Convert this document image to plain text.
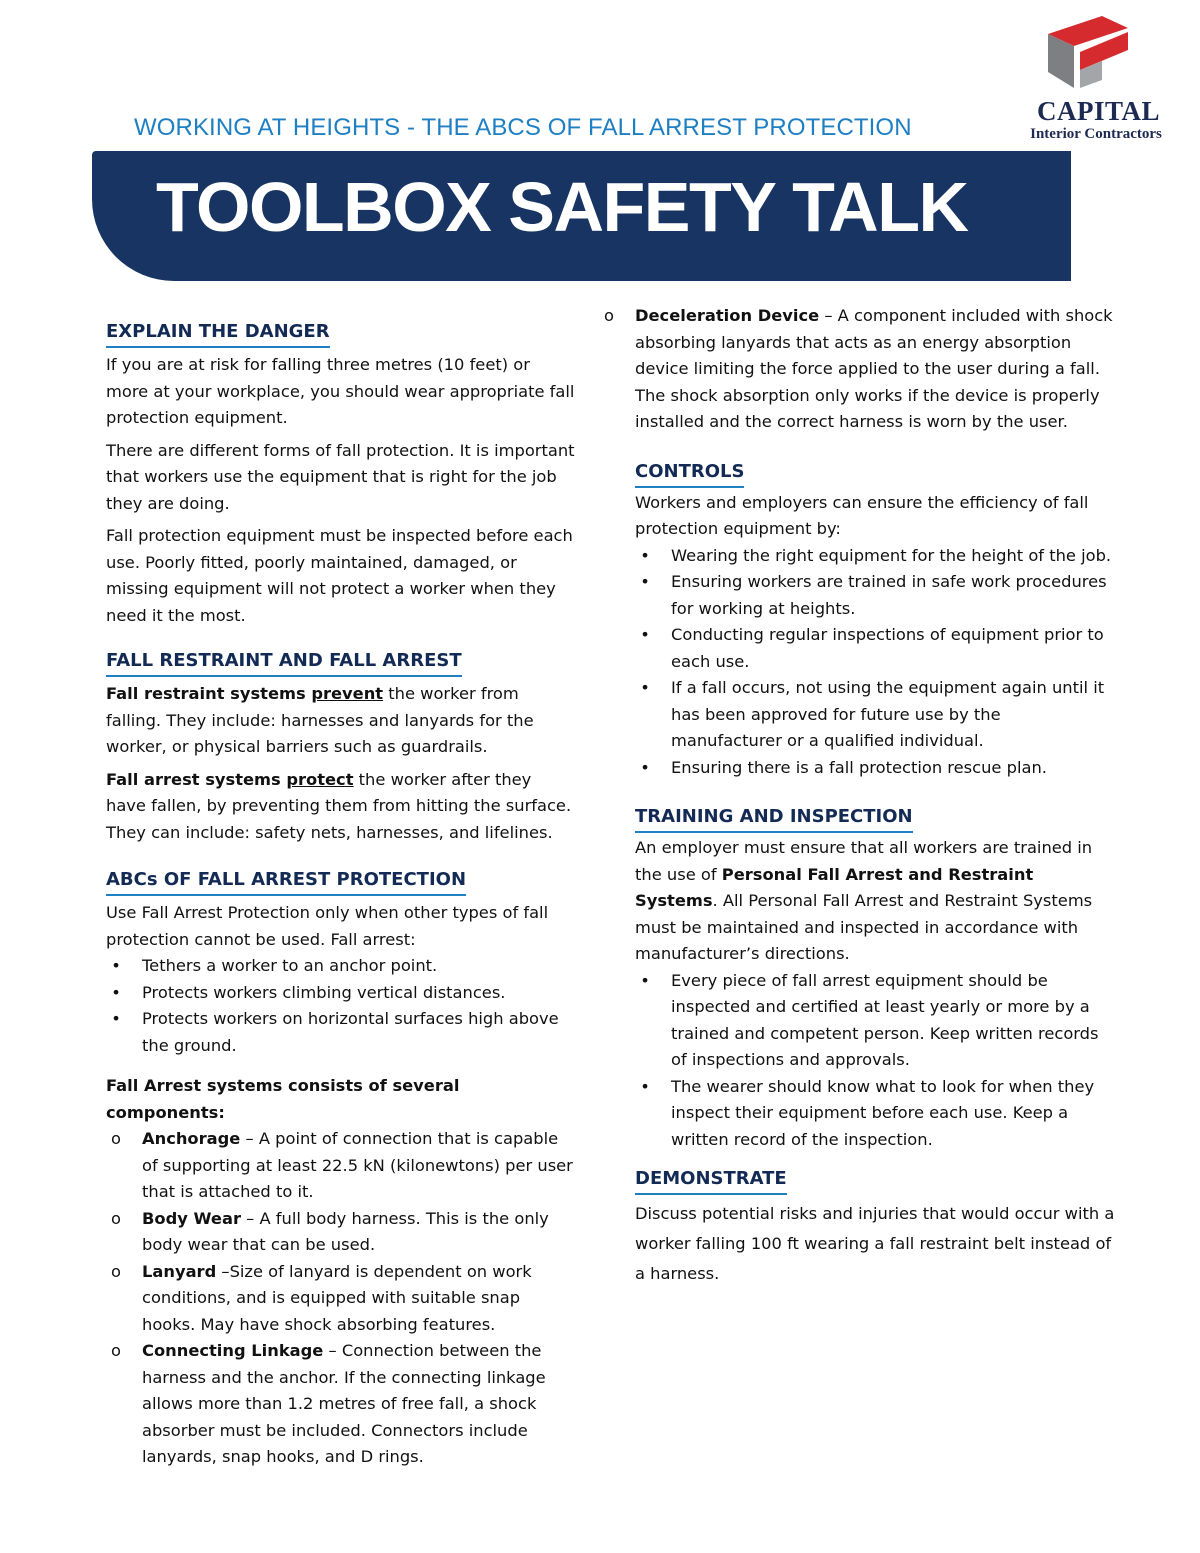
CAPITAL
Interior Contractors
WORKING AT HEIGHTS - THE ABCS OF FALL ARREST PROTECTION
TOOLBOX SAFETY TALK
EXPLAIN THE DANGER

If you are at risk for falling three metres (10 feet) or more at your workplace, you should wear appropriate fall protection equipment.

There are different forms of fall protection. It is important that workers use the equipment that is right for the job they are doing.

Fall protection equipment must be inspected before each use. Poorly fitted, poorly maintained, damaged, or missing equipment will not protect a worker when they need it the most.

FALL RESTRAINT AND FALL ARREST

Fall restraint systems prevent the worker from falling. They include: harnesses and lanyards for the worker, or physical barriers such as guardrails.

Fall arrest systems protect the worker after they have fallen, by preventing them from hitting the surface. They can include: safety nets, harnesses, and lifelines.

ABCs OF FALL ARREST PROTECTION

Use Fall Arrest Protection only when other types of fall protection cannot be used. Fall arrest:

•	Tethers a worker to an anchor point.
•	Protects workers climbing vertical distances.
•	Protects workers on horizontal surfaces high above the ground.

Fall Arrest systems consists of several components:

o	Anchorage – A point of connection that is capable of supporting at least 22.5 kN (kilonewtons) per user that is attached to it.
o	Body Wear – A full body harness. This is the only body wear that can be used.
o	Lanyard –Size of lanyard is dependent on work conditions, and is equipped with suitable snap hooks. May have shock absorbing features.
o	Connecting Linkage – Connection between the harness and the anchor. If the connecting linkage allows more than 1.2 metres of free fall, a shock absorber must be included. Connectors include lanyards, snap hooks, and D rings.
o	Deceleration Device – A component included with shock absorbing lanyards that acts as an energy absorption device limiting the force applied to the user during a fall. The shock absorption only works if the device is properly installed and the correct harness is worn by the user.
CONTROLS

Workers and employers can ensure the efficiency of fall protection equipment by:

•	Wearing the right equipment for the height of the job.
•	Ensuring workers are trained in safe work procedures for working at heights.
•	Conducting regular inspections of equipment prior to each use.
•	If a fall occurs, not using the equipment again until it has been approved for future use by the manufacturer or a qualified individual.
•	Ensuring there is a fall protection rescue plan.
TRAINING AND INSPECTION

An employer must ensure that all workers are trained in the use of Personal Fall Arrest and Restraint Systems. All Personal Fall Arrest and Restraint Systems must be maintained and inspected in accordance with manufacturer’s directions.

•	Every piece of fall arrest equipment should be inspected and certified at least yearly or more by a trained and competent person. Keep written records of inspections and approvals.
•	The wearer should know what to look for when they inspect their equipment before each use. Keep a written record of the inspection.
DEMONSTRATE

Discuss potential risks and injuries that would occur with a worker falling 100 ft wearing a fall restraint belt instead of a harness.
